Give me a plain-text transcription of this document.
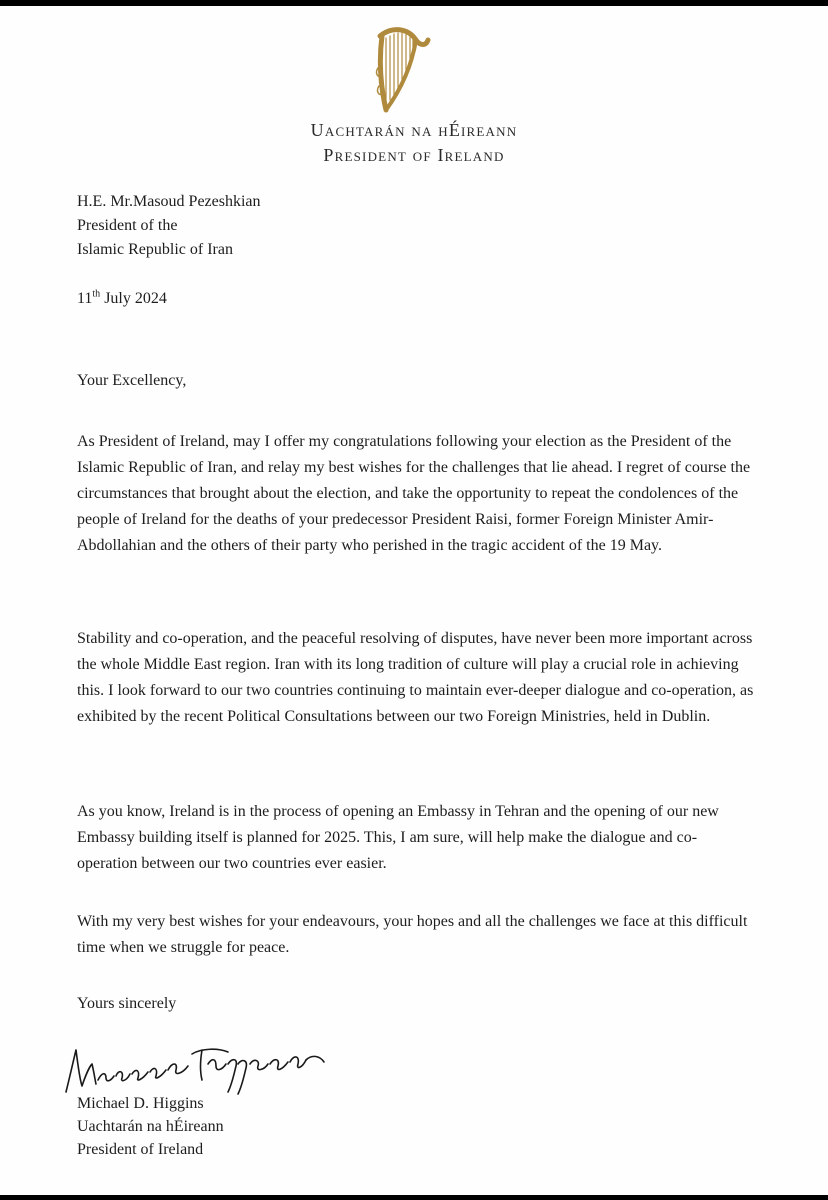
Uachtarán na hÉireann
President of Ireland
H.E. Mr.Masoud Pezeshkian
President of the
Islamic Republic of Iran
11th July 2024
Your Excellency,
As President of Ireland, may I offer my congratulations following your election as the President of the Islamic Republic of Iran, and relay my best wishes for the challenges that lie ahead. I regret of course the circumstances that brought about the election, and take the opportunity to repeat the condolences of the people of Ireland for the deaths of your predecessor President Raisi, former Foreign Minister Amir-Abdollahian and the others of their party who perished in the tragic accident of the 19 May.
Stability and co-operation, and the peaceful resolving of disputes, have never been more important across the whole Middle East region. Iran with its long tradition of culture will play a crucial role in achieving this. I look forward to our two countries continuing to maintain ever-deeper dialogue and co-operation, as exhibited by the recent Political Consultations between our two Foreign Ministries, held in Dublin.
As you know, Ireland is in the process of opening an Embassy in Tehran and the opening of our new Embassy building itself is planned for 2025. This, I am sure, will help make the dialogue and co-operation between our two countries ever easier.
With my very best wishes for your endeavours, your hopes and all the challenges we face at this difficult time when we struggle for peace.
Yours sincerely
Michael D. Higgins
Uachtarán na hÉireann
President of Ireland
